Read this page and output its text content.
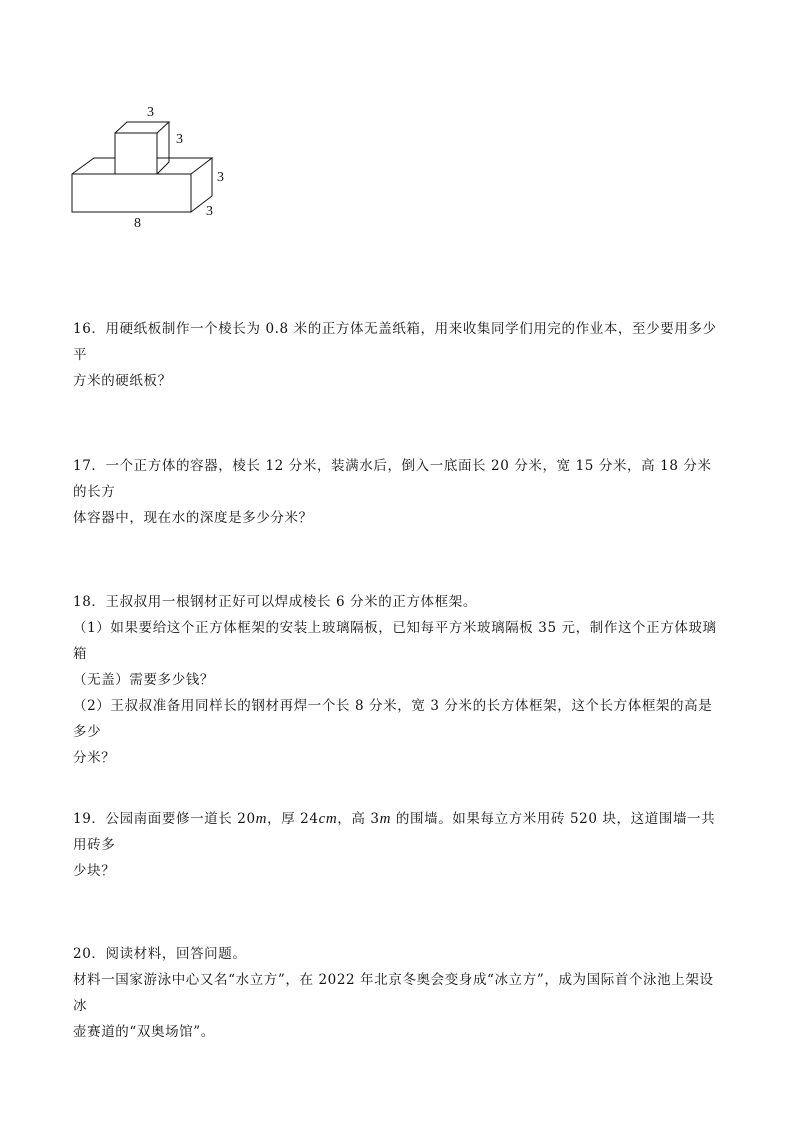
3
3
3
3
8

16．用硬纸板制作一个棱长为 0.8 米的正方体无盖纸箱，用来收集同学们用完的作业本，至少要用多少平

方米的硬纸板？

17．一个正方体的容器，棱长 12 分米，装满水后，倒入一底面长 20 分米，宽 15 分米，高 18 分米的长方

体容器中，现在水的深度是多少分米？

18．王叔叔用一根钢材正好可以焊成棱长 6 分米的正方体框架。

（1）如果要给这个正方体框架的安装上玻璃隔板，已知每平方米玻璃隔板 35 元，制作这个正方体玻璃箱

（无盖）需要多少钱？

（2）王叔叔准备用同样长的钢材再焊一个长 8 分米，宽 3 分米的长方体框架，这个长方体框架的高是多少

分米？

19．公园南面要修一道长 20m，厚 24cm，高 3m 的围墙。如果每立方米用砖 520 块，这道围墙一共用砖多

少块？

20．阅读材料，回答问题。

材料一国家游泳中心又名“水立方”，在 2022 年北京冬奥会变身成“冰立方”，成为国际首个泳池上架设冰

壶赛道的“双奥场馆”。
